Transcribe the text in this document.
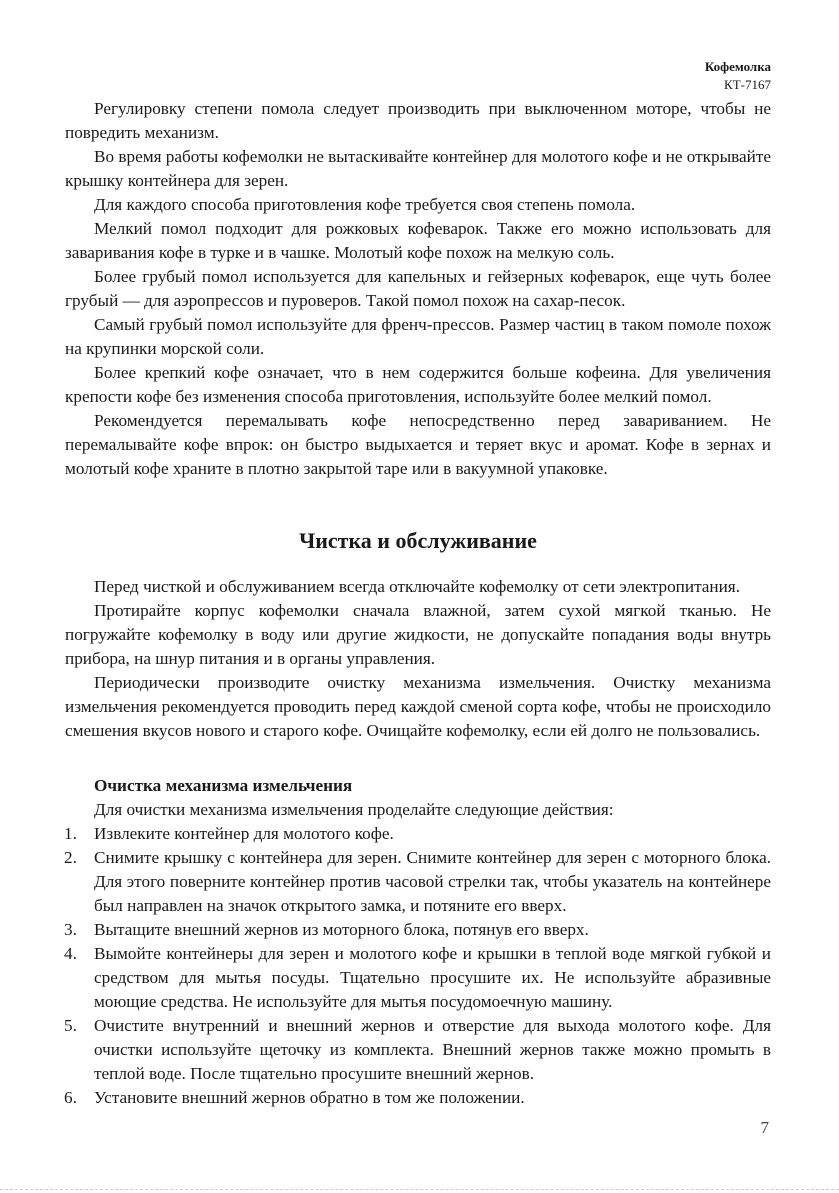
Кофемолка
КТ-7167

Регулировку степени помола следует производить при выключенном моторе, чтобы не повредить механизм.

Во время работы кофемолки не вытаскивайте контейнер для молотого кофе и не открывайте крышку контейнера для зерен.

Для каждого способа приготовления кофе требуется своя степень помола.

Мелкий помол подходит для рожковых кофеварок. Также его можно использовать для заваривания кофе в турке и в чашке. Молотый кофе похож на мелкую соль.

Более грубый помол используется для капельных и гейзерных кофеварок, еще чуть более грубый — для аэропрессов и пуроверов. Такой помол похож на сахар-песок.

Самый грубый помол используйте для френч-прессов. Размер частиц в таком помоле похож на крупинки морской соли.

Более крепкий кофе означает, что в нем содержится больше кофеина. Для увеличения крепости кофе без изменения способа приготовления, используйте более мелкий помол.

Рекомендуется перемалывать кофе непосредственно перед завариванием. Не перемалывайте кофе впрок: он быстро выдыхается и теряет вкус и аромат. Кофе в зернах и молотый кофе храните в плотно закрытой таре или в вакуумной упаковке.

Чистка и обслуживание

Перед чисткой и обслуживанием всегда отключайте кофемолку от сети электропитания.

Протирайте корпус кофемолки сначала влажной, затем сухой мягкой тканью. Не погружайте кофемолку в воду или другие жидкости, не допускайте попадания воды внутрь прибора, на шнур питания и в органы управления.

Периодически производите очистку механизма измельчения. Очистку механизма измельчения рекомендуется проводить перед каждой сменой сорта кофе, чтобы не происходило смешения вкусов нового и старого кофе. Очищайте кофемолку, если ей долго не пользовались.

Очистка механизма измельчения

Для очистки механизма измельчения проделайте следующие действия:

1. Извлеките контейнер для молотого кофе.
2. Снимите крышку с контейнера для зерен. Снимите контейнер для зерен с моторного блока. Для этого поверните контейнер против часовой стрелки так, чтобы указатель на контейнере был направлен на значок открытого замка, и потяните его вверх.
3. Вытащите внешний жернов из моторного блока, потянув его вверх.
4. Вымойте контейнеры для зерен и молотого кофе и крышки в теплой воде мягкой губкой и средством для мытья посуды. Тщательно просушите их. Не используйте абразивные моющие средства. Не используйте для мытья посудомоечную машину.
5. Очистите внутренний и внешний жернов и отверстие для выхода молотого кофе. Для очистки используйте щеточку из комплекта. Внешний жернов также можно промыть в теплой воде. После тщательно просушите внешний жернов.
6. Установите внешний жернов обратно в том же положении.
7
